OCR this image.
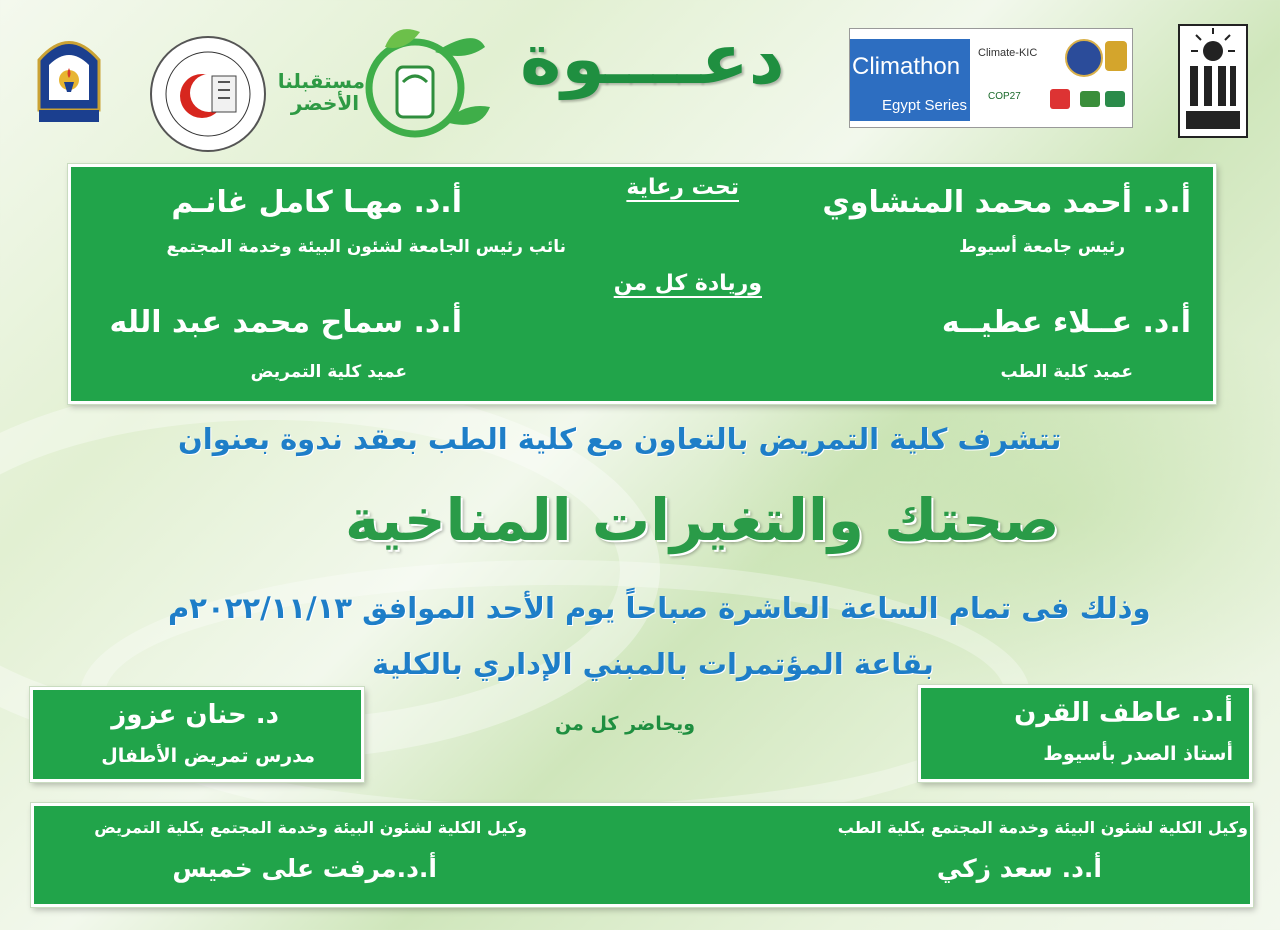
مستقبلنا الأخضر
دعــــوة	Climathon
Egypt Series
Climate-KIC
COP27
أ.د. أحمد محمد المنشاوي
رئيس جامعة أسيوط
أ.د. مهـا كامل غانـم
نائب رئيس الجامعة لشئون البيئة وخدمة المجتمع
تحت رعاية
وريادة كل من
أ.د. عــلاء عطيــه
عميد كلية الطب
أ.د. سماح محمد عبد الله
عميد كلية التمريض
تتشرف كلية التمريض بالتعاون مع كلية الطب بعقد ندوة بعنوان
صحتك والتغيرات المناخية
وذلك فى تمام الساعة العاشرة صباحاً يوم الأحد الموافق ٢٠٢٢/١١/١٣م
بقاعة المؤتمرات بالمبني الإداري بالكلية
أ.د. عاطف القرن
أستاذ الصدر بأسيوط
ويحاضر كل من
د. حنان عزوز
مدرس تمريض الأطفال
وكيل الكلية لشئون البيئة وخدمة المجتمع بكلية الطب
أ.د. سعد زكي
وكيل الكلية لشئون البيئة وخدمة المجتمع بكلية التمريض
أ.د.مرفت على خميس
